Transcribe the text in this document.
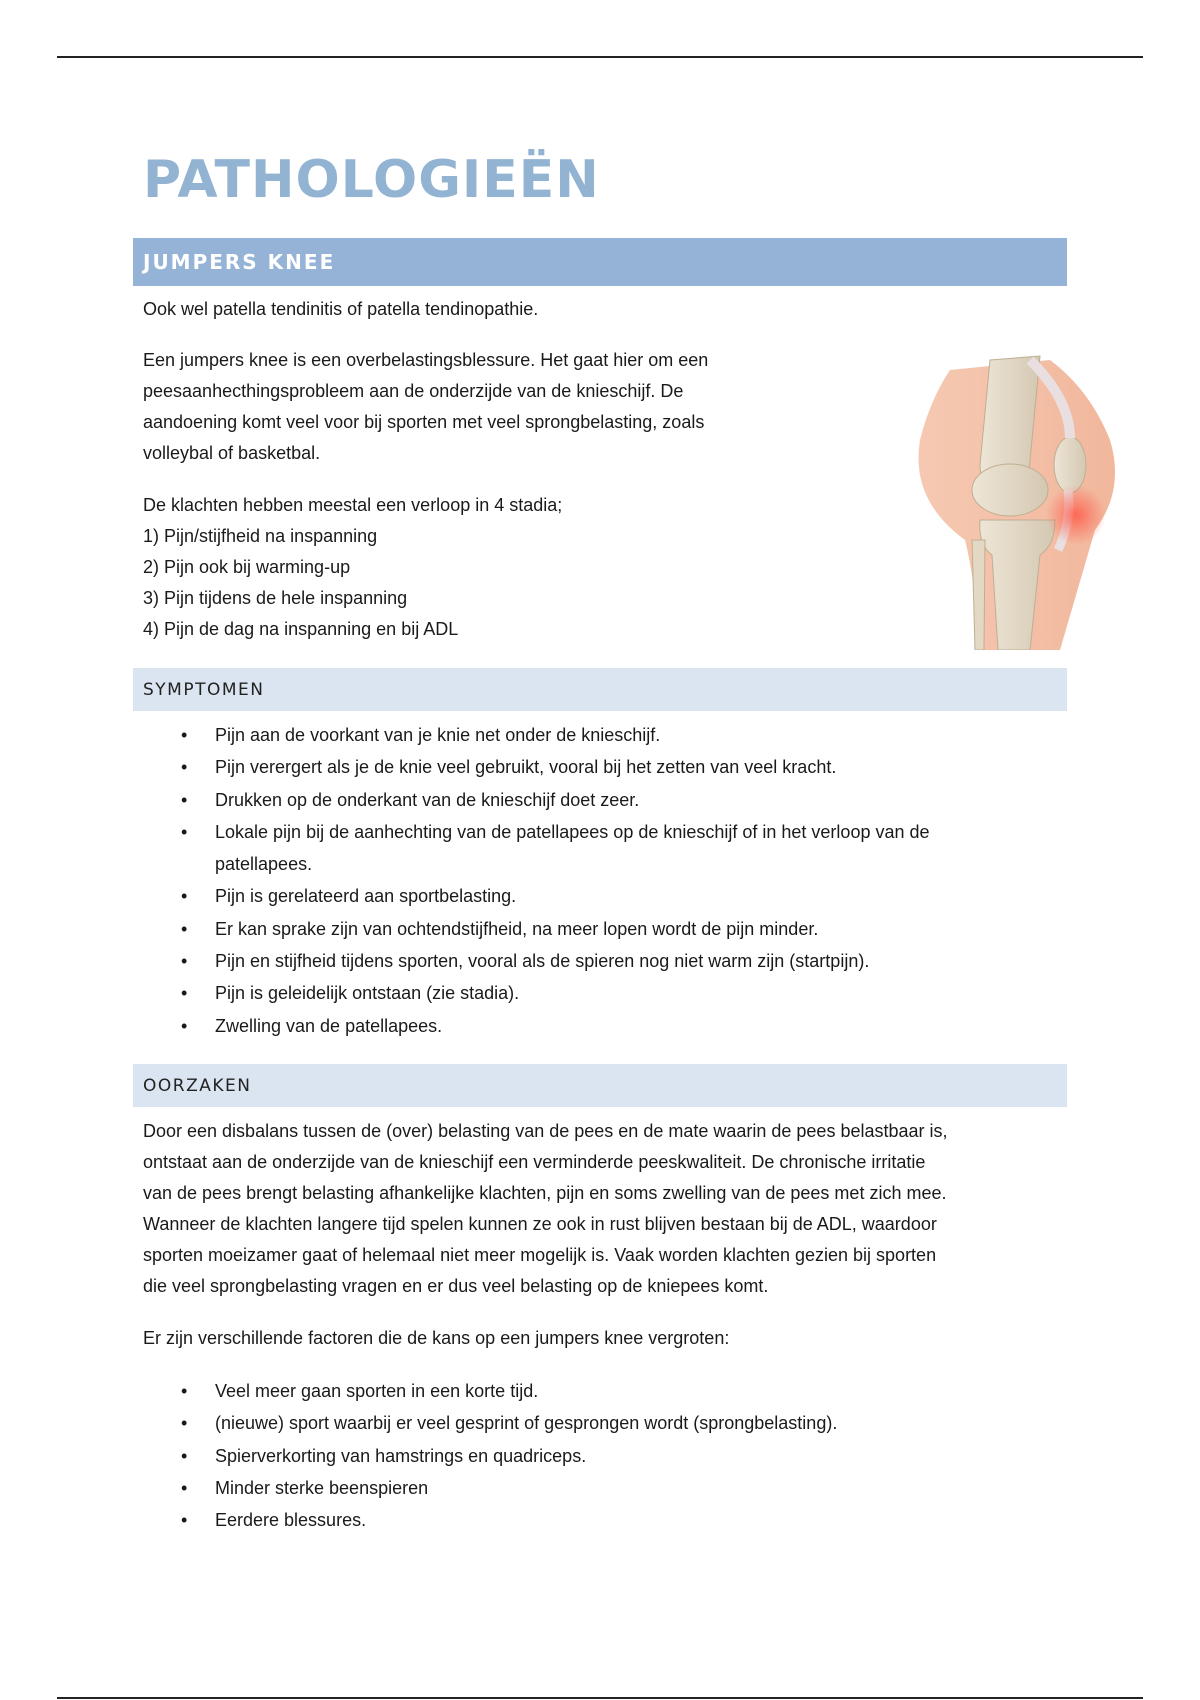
PATHOLOGIEËN
JUMPERS KNEE

Ook wel patella tendinitis of patella tendinopathie.

Een jumpers knee is een overbelastingsblessure. Het gaat hier om een

peesaanhecthingsprobleem aan de onderzijde van de knieschijf. De

aandoening komt veel voor bij sporten met veel sprongbelasting, zoals

volleybal of basketbal.

De klachten hebben meestal een verloop in 4 stadia;

1) Pijn/stijfheid na inspanning

2) Pijn ook bij warming-up

3) Pijn tijdens de hele inspanning

4) Pijn de dag na inspanning en bij ADL

SYMPTOMEN
• Pijn aan de voorkant van je knie net onder de knieschijf.
• Pijn verergert als je de knie veel gebruikt, vooral bij het zetten van veel kracht.
• Drukken op de onderkant van de knieschijf doet zeer.
• Lokale pijn bij de aanhechting van de patellapees op de knieschijf of in het verloop van de patellapees.
• Pijn is gerelateerd aan sportbelasting.
• Er kan sprake zijn van ochtendstijfheid, na meer lopen wordt de pijn minder.
• Pijn en stijfheid tijdens sporten, vooral als de spieren nog niet warm zijn (startpijn).
• Pijn is geleidelijk ontstaan (zie stadia).
• Zwelling van de patellapees.
OORZAKEN

Door een disbalans tussen de (over) belasting van de pees en de mate waarin de pees belastbaar is,

ontstaat aan de onderzijde van de knieschijf een verminderde peeskwaliteit. De chronische irritatie

van de pees brengt belasting afhankelijke klachten, pijn en soms zwelling van de pees met zich mee.

Wanneer de klachten langere tijd spelen kunnen ze ook in rust blijven bestaan bij de ADL, waardoor

sporten moeizamer gaat of helemaal niet meer mogelijk is. Vaak worden klachten gezien bij sporten

die veel sprongbelasting vragen en er dus veel belasting op de kniepees komt.

Er zijn verschillende factoren die de kans op een jumpers knee vergroten:

• Veel meer gaan sporten in een korte tijd.
• (nieuwe) sport waarbij er veel gesprint of gesprongen wordt (sprongbelasting).
• Spierverkorting van hamstrings en quadriceps.
• Minder sterke beenspieren
• Eerdere blessures.
